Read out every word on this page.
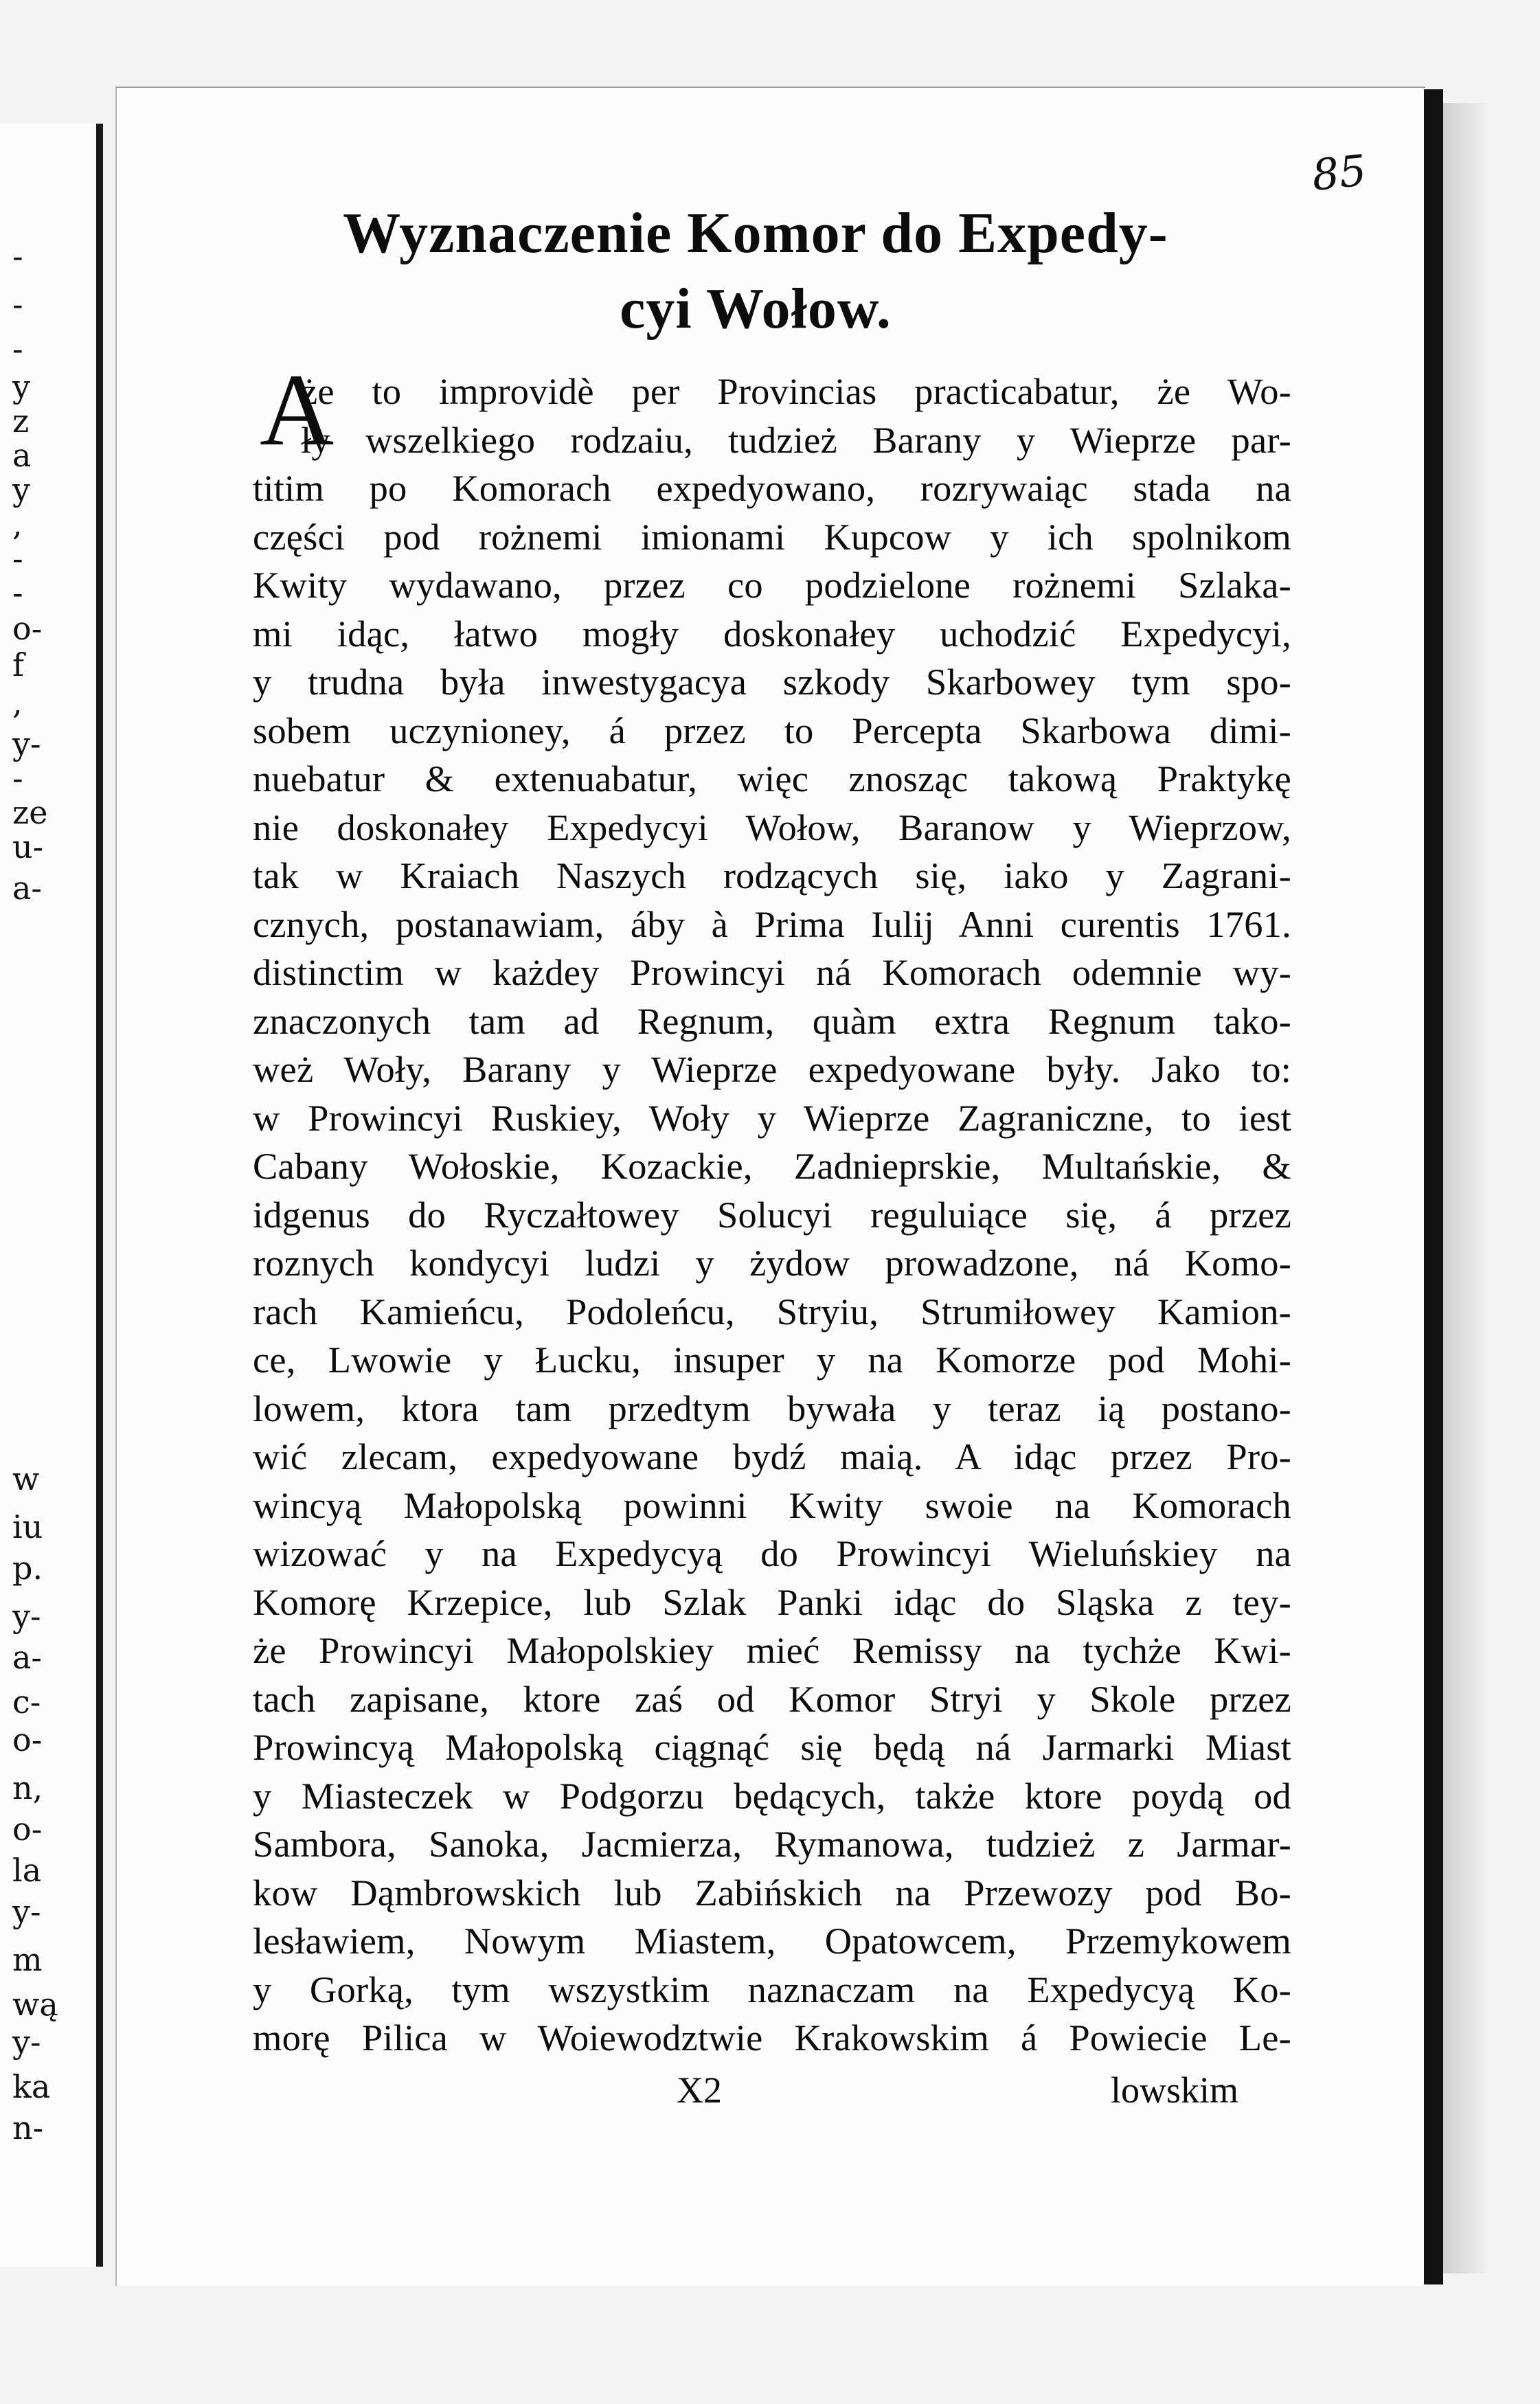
-
-
-
y
z
a
y
,
-
-
o-
f
,
y-
-
ze
u-
a-
w
iu
p.
y-
a-
c-
o-
n,
o-
la
y-
m
wą
y-
ka
n-
85
Wyznaczenie Komor do Expedy-
cyi Wołow.
A
że to improvidè per Provincias practicabatur, że Wo-
ły wszelkiego rodzaiu, tudzież Barany y Wieprze par-
titim po Komorach expedyowano, rozrywaiąc stada na
części pod rożnemi imionami Kupcow y ich spolnikom
Kwity wydawano, przez co podzielone rożnemi Szlaka-
mi idąc, łatwo mogły doskonałey uchodzić Expedycyi,
y trudna była inwestygacya szkody Skarbowey tym spo-
sobem uczynioney, á przez to Percepta Skarbowa dimi-
nuebatur & extenuabatur, więc znosząc takową Praktykę
nie doskonałey Expedycyi Wołow, Baranow y Wieprzow,
tak w Kraiach Naszych rodzących się, iako y Zagrani-
cznych, postanawiam, áby à Prima Iulij Anni curentis 1761.
distinctim w każdey Prowincyi ná Komorach odemnie wy-
znaczonych tam ad Regnum, quàm extra Regnum tako-
weż Woły, Barany y Wieprze expedyowane były. Jako to:
w Prowincyi Ruskiey, Woły y Wieprze Zagraniczne, to iest
Cabany Wołoskie, Kozackie, Zadnieprskie, Multańskie, &
idgenus do Ryczałtowey Solucyi reguluiące się, á przez
roznych kondycyi ludzi y żydow prowadzone, ná Komo-
rach Kamieńcu, Podoleńcu, Stryiu, Strumiłowey Kamion-
ce, Lwowie y Łucku, insuper y na Komorze pod Mohi-
lowem, ktora tam przedtym bywała y teraz ią postano-
wić zlecam, expedyowane bydź maią. A idąc przez Pro-
wincyą Małopolską powinni Kwity swoie na Komorach
wizować y na Expedycyą do Prowincyi Wieluńskiey na
Komorę Krzepice, lub Szlak Panki idąc do Sląska z tey-
że Prowincyi Małopolskiey mieć Remissy na tychże Kwi-
tach zapisane, ktore zaś od Komor Stryi y Skole przez
Prowincyą Małopolską ciągnąć się będą ná Jarmarki Miast
y Miasteczek w Podgorzu będących, także ktore poydą od
Sambora, Sanoka, Jacmierza, Rymanowa, tudzież z Jarmar-
kow Dąmbrowskich lub Zabińskich na Przewozy pod Bo-
lesławiem, Nowym Miastem, Opatowcem, Przemykowem
y Gorką, tym wszystkim naznaczam na Expedycyą Ko-
morę Pilica w Woiewodztwie Krakowskim á Powiecie Le-
X2	lowskim
